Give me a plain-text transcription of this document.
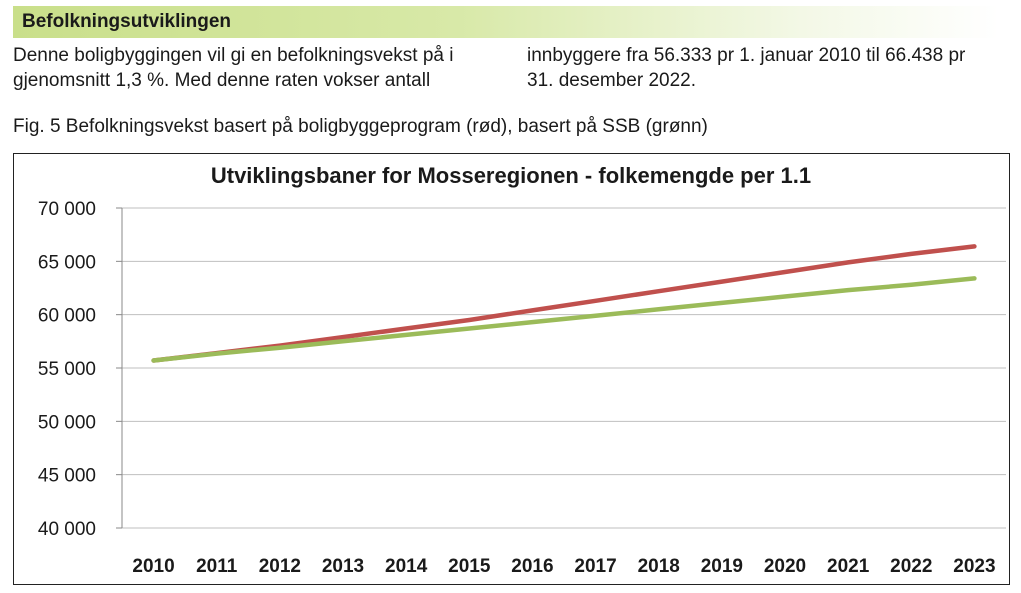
Befolkningsutviklingen
Denne boligbyggingen vil gi en befolkningsvekst på i
gjenomsnitt 1,3 %. Med denne raten vokser antall
innbyggere fra 56.333 pr 1. januar 2010 til 66.438 pr
31. desember 2022.
Fig. 5 Befolkningsvekst basert på boligbyggeprogram (rød), basert på SSB (grønn)
Utviklingsbaner for Mosseregionen - folkemengde per 1.1
40 000
45 000
50 000
55 000
60 000
65 000
70 000
2010 2011 2012 2013 2014 2015 2016 2017 2018 2019 2020 2021 2022 2023
